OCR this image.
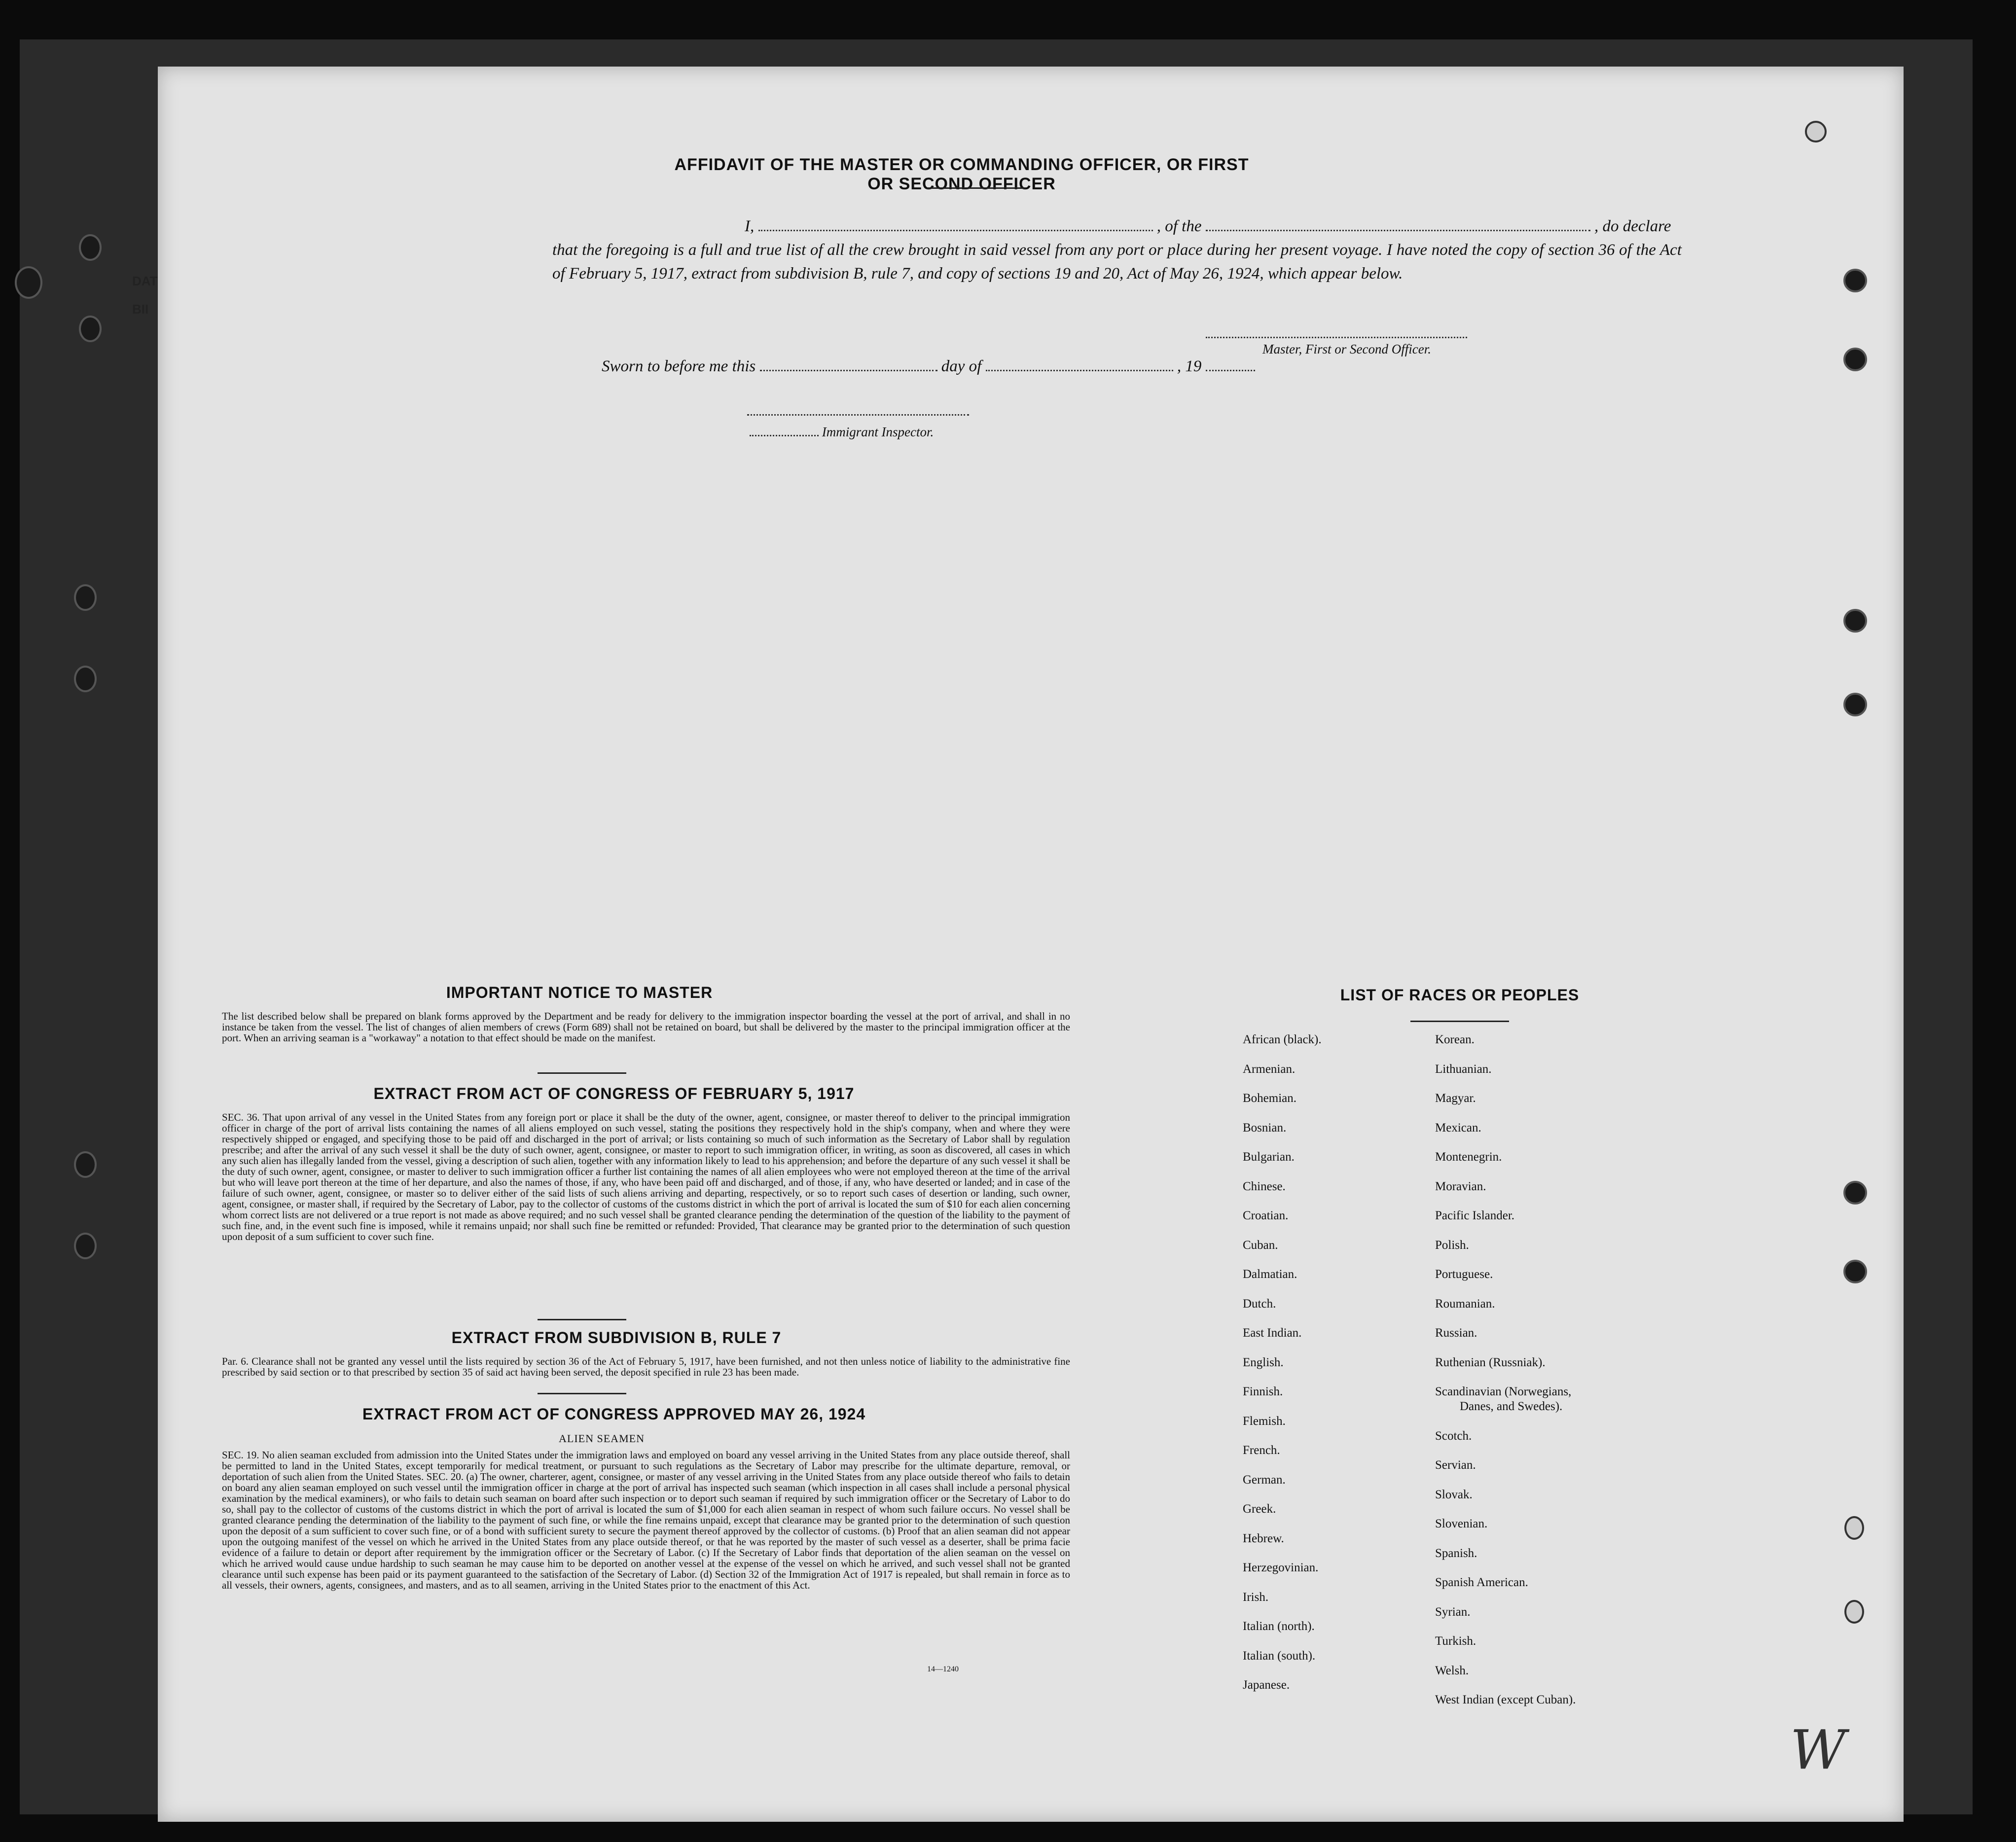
DAT
BII
AFFIDAVIT OF THE MASTER OR COMMANDING OFFICER, OR FIRST OR SECOND OFFICER
I,	, of the	, do declare
that the foregoing is a full and true list of all the crew brought in said vessel from any port or place during her present voyage. I have noted the copy of section 36 of the Act of February 5, 1917, extract from subdivision B, rule 7, and copy of sections 19 and 20, Act of May 26, 1924, which appear below.
Master, First or Second Officer.
Sworn to before me this	day of	, 19
Immigrant Inspector.
IMPORTANT NOTICE TO MASTER
The list described below shall be prepared on blank forms approved by the Department and be ready for delivery to the immigration inspector boarding the vessel at the port of arrival, and shall in no instance be taken from the vessel. The list of changes of alien members of crews (Form 689) shall not be retained on board, but shall be delivered by the master to the principal immigration officer at the port. When an arriving seaman is a "workaway" a notation to that effect should be made on the manifest.
EXTRACT FROM ACT OF CONGRESS OF FEBRUARY 5, 1917
SEC. 36. That upon arrival of any vessel in the United States from any foreign port or place it shall be the duty of the owner, agent, consignee, or master thereof to deliver to the principal immigration officer in charge of the port of arrival lists containing the names of all aliens employed on such vessel, stating the positions they respectively hold in the ship's company, when and where they were respectively shipped or engaged, and specifying those to be paid off and discharged in the port of arrival; or lists containing so much of such information as the Secretary of Labor shall by regulation prescribe; and after the arrival of any such vessel it shall be the duty of such owner, agent, consignee, or master to report to such immigration officer, in writing, as soon as discovered, all cases in which any such alien has illegally landed from the vessel, giving a description of such alien, together with any information likely to lead to his apprehension; and before the departure of any such vessel it shall be the duty of such owner, agent, consignee, or master to deliver to such immigration officer a further list containing the names of all alien employees who were not employed thereon at the time of the arrival but who will leave port thereon at the time of her departure, and also the names of those, if any, who have been paid off and discharged, and of those, if any, who have deserted or landed; and in case of the failure of such owner, agent, consignee, or master so to deliver either of the said lists of such aliens arriving and departing, respectively, or so to report such cases of desertion or landing, such owner, agent, consignee, or master shall, if required by the Secretary of Labor, pay to the collector of customs of the customs district in which the port of arrival is located the sum of $10 for each alien concerning whom correct lists are not delivered or a true report is not made as above required; and no such vessel shall be granted clearance pending the determination of the question of the liability to the payment of such fine, and, in the event such fine is imposed, while it remains unpaid; nor shall such fine be remitted or refunded: Provided, That clearance may be granted prior to the determination of such question upon deposit of a sum sufficient to cover such fine.
EXTRACT FROM SUBDIVISION B, RULE 7
Par. 6. Clearance shall not be granted any vessel until the lists required by section 36 of the Act of February 5, 1917, have been furnished, and not then unless notice of liability to the administrative fine prescribed by said section or to that prescribed by section 35 of said act having been served, the deposit specified in rule 23 has been made.
EXTRACT FROM ACT OF CONGRESS APPROVED MAY 26, 1924
ALIEN SEAMEN
SEC. 19. No alien seaman excluded from admission into the United States under the immigration laws and employed on board any vessel arriving in the United States from any place outside thereof, shall be permitted to land in the United States, except temporarily for medical treatment, or pursuant to such regulations as the Secretary of Labor may prescribe for the ultimate departure, removal, or deportation of such alien from the United States. SEC. 20. (a) The owner, charterer, agent, consignee, or master of any vessel arriving in the United States from any place outside thereof who fails to detain on board any alien seaman employed on such vessel until the immigration officer in charge at the port of arrival has inspected such seaman (which inspection in all cases shall include a personal physical examination by the medical examiners), or who fails to detain such seaman on board after such inspection or to deport such seaman if required by such immigration officer or the Secretary of Labor to do so, shall pay to the collector of customs of the customs district in which the port of arrival is located the sum of $1,000 for each alien seaman in respect of whom such failure occurs. No vessel shall be granted clearance pending the determination of the liability to the payment of such fine, or while the fine remains unpaid, except that clearance may be granted prior to the determination of such question upon the deposit of a sum sufficient to cover such fine, or of a bond with sufficient surety to secure the payment thereof approved by the collector of customs. (b) Proof that an alien seaman did not appear upon the outgoing manifest of the vessel on which he arrived in the United States from any place outside thereof, or that he was reported by the master of such vessel as a deserter, shall be prima facie evidence of a failure to detain or deport after requirement by the immigration officer or the Secretary of Labor. (c) If the Secretary of Labor finds that deportation of the alien seaman on the vessel on which he arrived would cause undue hardship to such seaman he may cause him to be deported on another vessel at the expense of the vessel on which he arrived, and such vessel shall not be granted clearance until such expense has been paid or its payment guaranteed to the satisfaction of the Secretary of Labor. (d) Section 32 of the Immigration Act of 1917 is repealed, but shall remain in force as to all vessels, their owners, agents, consignees, and masters, and as to all seamen, arriving in the United States prior to the enactment of this Act.
14—1240
LIST OF RACES OR PEOPLES
African (black).
Armenian.
Bohemian.
Bosnian.
Bulgarian.
Chinese.
Croatian.
Cuban.
Dalmatian.
Dutch.
East Indian.
English.
Finnish.
Flemish.
French.
German.
Greek.
Hebrew.
Herzegovinian.
Irish.
Italian (north).
Italian (south).
Japanese.
Korean.
Lithuanian.
Magyar.
Mexican.
Montenegrin.
Moravian.
Pacific Islander.
Polish.
Portuguese.
Roumanian.
Russian.
Ruthenian (Russniak).
Scandinavian (Norwegians,
Danes, and Swedes).
Scotch.
Servian.
Slovak.
Slovenian.
Spanish.
Spanish American.
Syrian.
Turkish.
Welsh.
West Indian (except Cuban).
W
